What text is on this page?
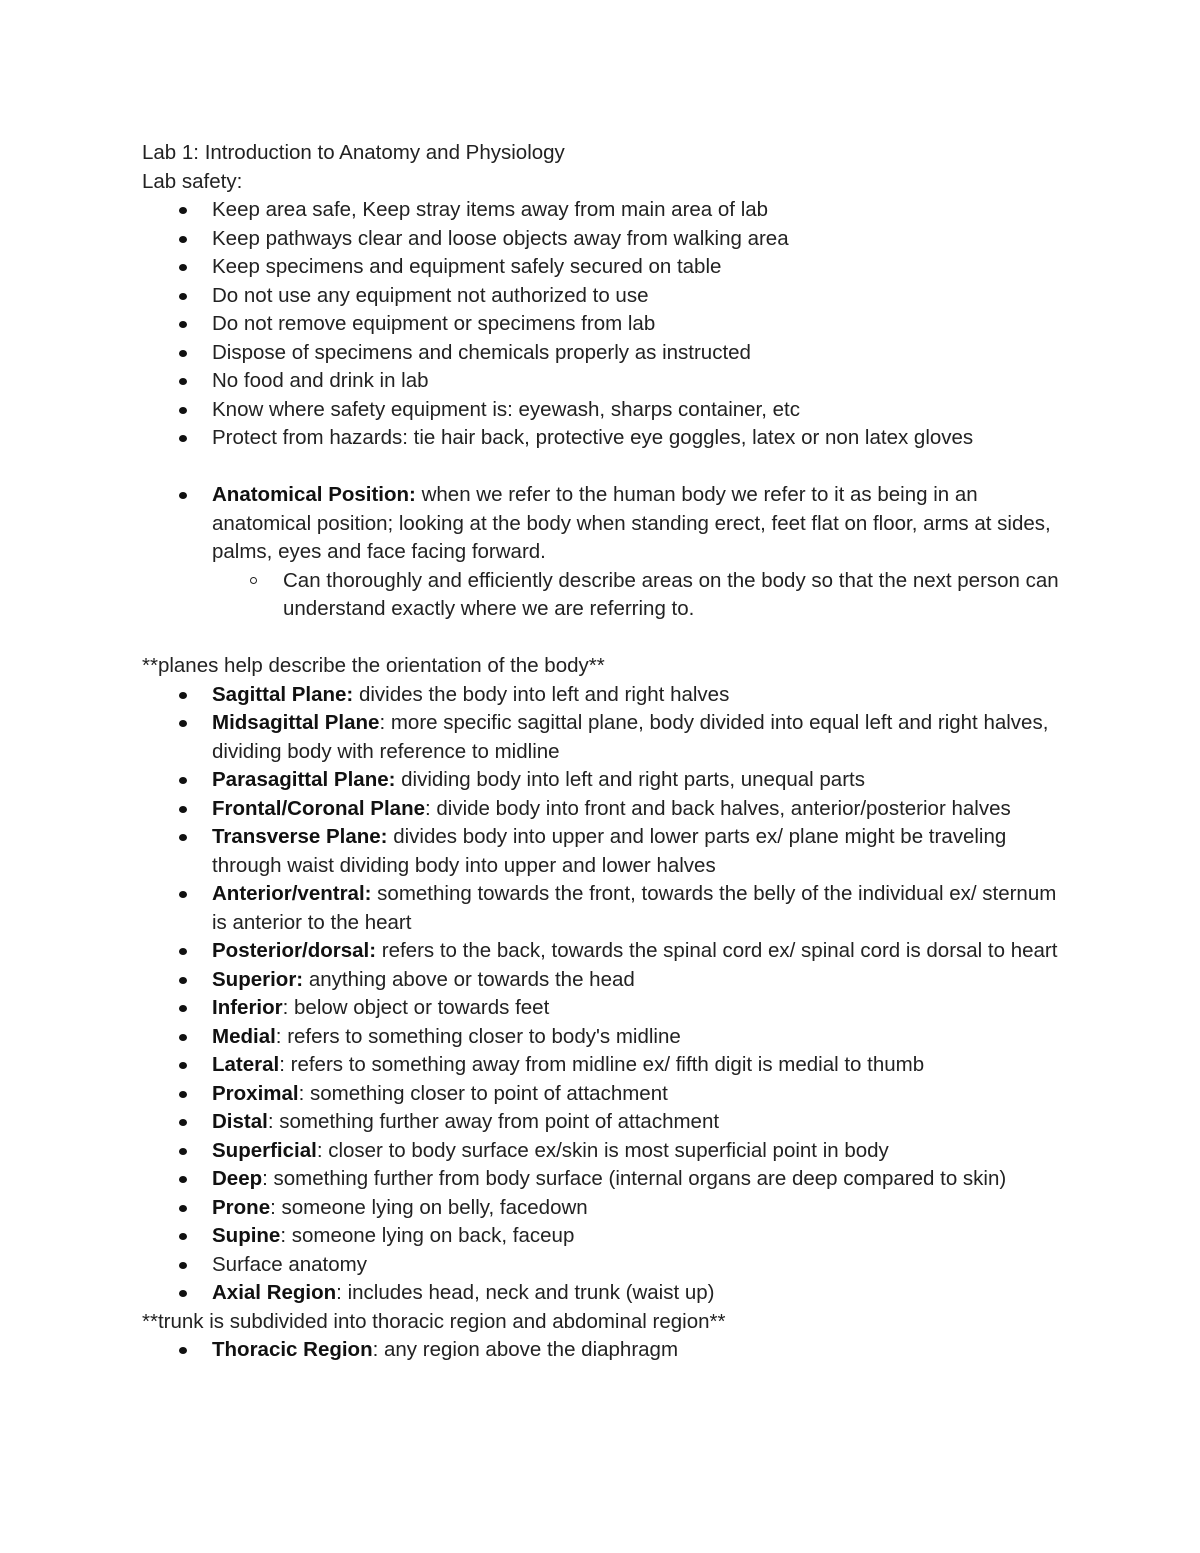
Lab 1: Introduction to Anatomy and Physiology

Lab safety:

Keep area safe, Keep stray items away from main area of lab
Keep pathways clear and loose objects away from walking area
Keep specimens and equipment safely secured on table
Do not use any equipment not authorized to use
Do not remove equipment or specimens from lab
Dispose of specimens and chemicals properly as instructed
No food and drink in lab
Know where safety equipment is: eyewash, sharps container, etc
Protect from hazards: tie hair back, protective eye goggles, latex or non latex gloves
Anatomical Position: when we refer to the human body we refer to it as being in an anatomical position; looking at the body when standing erect, feet flat on floor, arms at sides, palms, eyes and face facing forward.
Can thoroughly and efficiently describe areas on the body so that the next person can understand exactly where we are referring to.

**planes help describe the orientation of the body**

Sagittal Plane: divides the body into left and right halves
Midsagittal Plane: more specific sagittal plane, body divided into equal left and right halves, dividing body with reference to midline
Parasagittal Plane: dividing body into left and right parts, unequal parts
Frontal/Coronal Plane: divide body into front and back halves, anterior/posterior halves
Transverse Plane: divides body into upper and lower parts ex/ plane might be traveling through waist dividing body into upper and lower halves
Anterior/ventral: something towards the front, towards the belly of the individual ex/ sternum is anterior to the heart
Posterior/dorsal: refers to the back, towards the spinal cord ex/ spinal cord is dorsal to heart
Superior: anything above or towards the head
Inferior: below object or towards feet
Medial: refers to something closer to body's midline
Lateral: refers to something away from midline ex/ fifth digit is medial to thumb
Proximal: something closer to point of attachment
Distal: something further away from point of attachment
Superficial: closer to body surface ex/skin is most superficial point in body
Deep: something further from body surface (internal organs are deep compared to skin)
Prone: someone lying on belly, facedown
Supine: someone lying on back, faceup
Surface anatomy
Axial Region: includes head, neck and trunk (waist up)

**trunk is subdivided into thoracic region and abdominal region**

Thoracic Region: any region above the diaphragm
